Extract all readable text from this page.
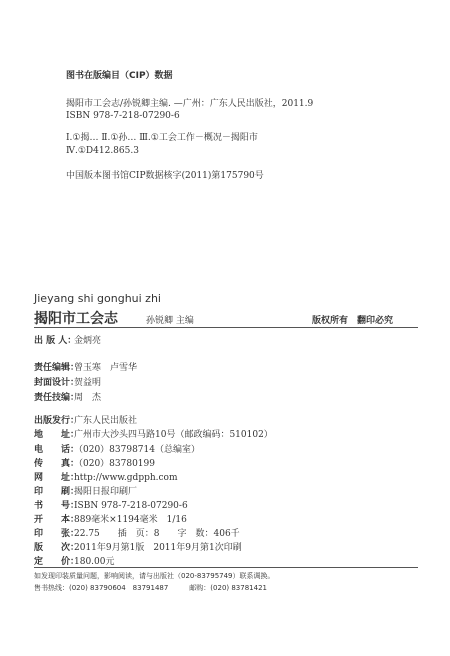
图书在版编目（CIP）数据
揭阳市工会志/孙锐卿主编. —广州：广东人民出版社，2011.9
ISBN 978-7-218-07290-6
Ⅰ.①揭… Ⅱ.①孙… Ⅲ.①工会工作－概况－揭阳市
Ⅳ.①D412.865.3
中国版本图书馆CIP数据核字(2011)第175790号
Jieyang shi gonghui zhi
揭阳市工会志	孙锐卿 主编	版权所有　翻印必究
出 版 人：金炳亮
责任编辑：曾玉寒　卢雪华
封面设计：贺益明
责任技编：周　杰
出版发行：广东人民出版社
地　　址：广州市大沙头四马路10号（邮政编码：510102）
电　　话：（020）83798714（总编室）
传　　真：（020）83780199
网　　址：http://www.gdpph.com
印　　刷：揭阳日报印刷厂
书　　号：ISBN 978-7-218-07290-6
开　　本：889毫米×1194毫米　1/16
印　　张：22.75　　插　页：8　　字　数：406千
版　　次：2011年9月第1版　2011年9月第1次印刷
定　　价：180.00元
如发现印装质量问题，影响阅读，请与出版社（020-83795749）联系调换。
售书热线：(020) 83790604　83791487　　　邮购：(020) 83781421
